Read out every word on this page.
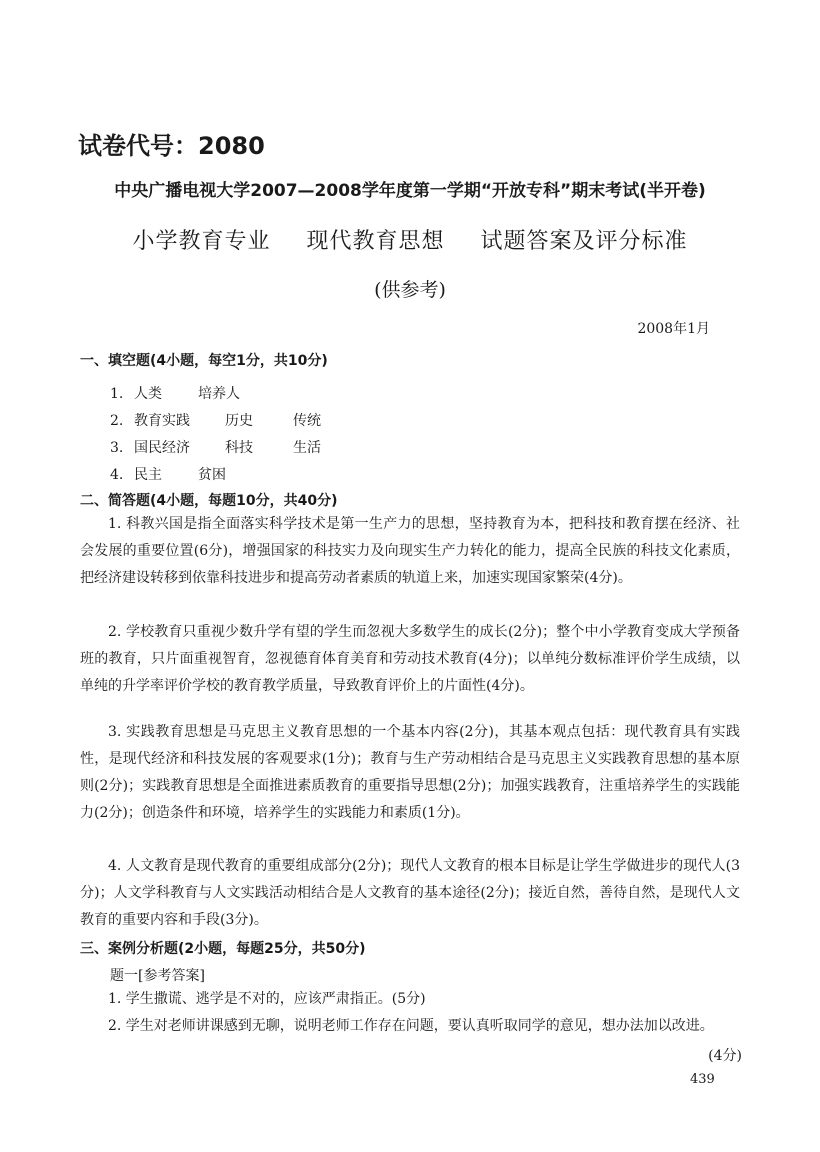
试卷代号：2080
中央广播电视大学2007—2008学年度第一学期“开放专科”期末考试(半开卷)
小学教育专业 现代教育思想 试题答案及评分标准
(供参考)
2008年1月
一、填空题(4小题，每空1分，共10分)
1. 人类	培养人
2. 教育实践	历史	传统
3. 国民经济	科技	生活
4. 民主	贫困
二、简答题(4小题，每题10分，共40分)

1. 科教兴国是指全面落实科学技术是第一生产力的思想，坚持教育为本，把科技和教育摆在经济、社会发展的重要位置(6分)，增强国家的科技实力及向现实生产力转化的能力，提高全民族的科技文化素质，把经济建设转移到依靠科技进步和提高劳动者素质的轨道上来，加速实现国家繁荣(4分)。

2. 学校教育只重视少数升学有望的学生而忽视大多数学生的成长(2分)；整个中小学教育变成大学预备班的教育，只片面重视智育，忽视德育体育美育和劳动技术教育(4分)；以单纯分数标准评价学生成绩，以单纯的升学率评价学校的教育教学质量，导致教育评价上的片面性(4分)。

3. 实践教育思想是马克思主义教育思想的一个基本内容(2分)，其基本观点包括：现代教育具有实践性，是现代经济和科技发展的客观要求(1分)；教育与生产劳动相结合是马克思主义实践教育思想的基本原则(2分)；实践教育思想是全面推进素质教育的重要指导思想(2分)；加强实践教育，注重培养学生的实践能力(2分)；创造条件和环境，培养学生的实践能力和素质(1分)。

4. 人文教育是现代教育的重要组成部分(2分)；现代人文教育的根本目标是让学生学做进步的现代人(3分)；人文学科教育与人文实践活动相结合是人文教育的基本途径(2分)；接近自然，善待自然，是现代人文教育的重要内容和手段(3分)。

三、案例分析题(2小题，每题25分，共50分)
题一[参考答案]

1. 学生撒谎、逃学是不对的，应该严肃指正。(5分)

2. 学生对老师讲课感到无聊，说明老师工作存在问题，要认真听取同学的意见，想办法加以改进。

(4分)
439
